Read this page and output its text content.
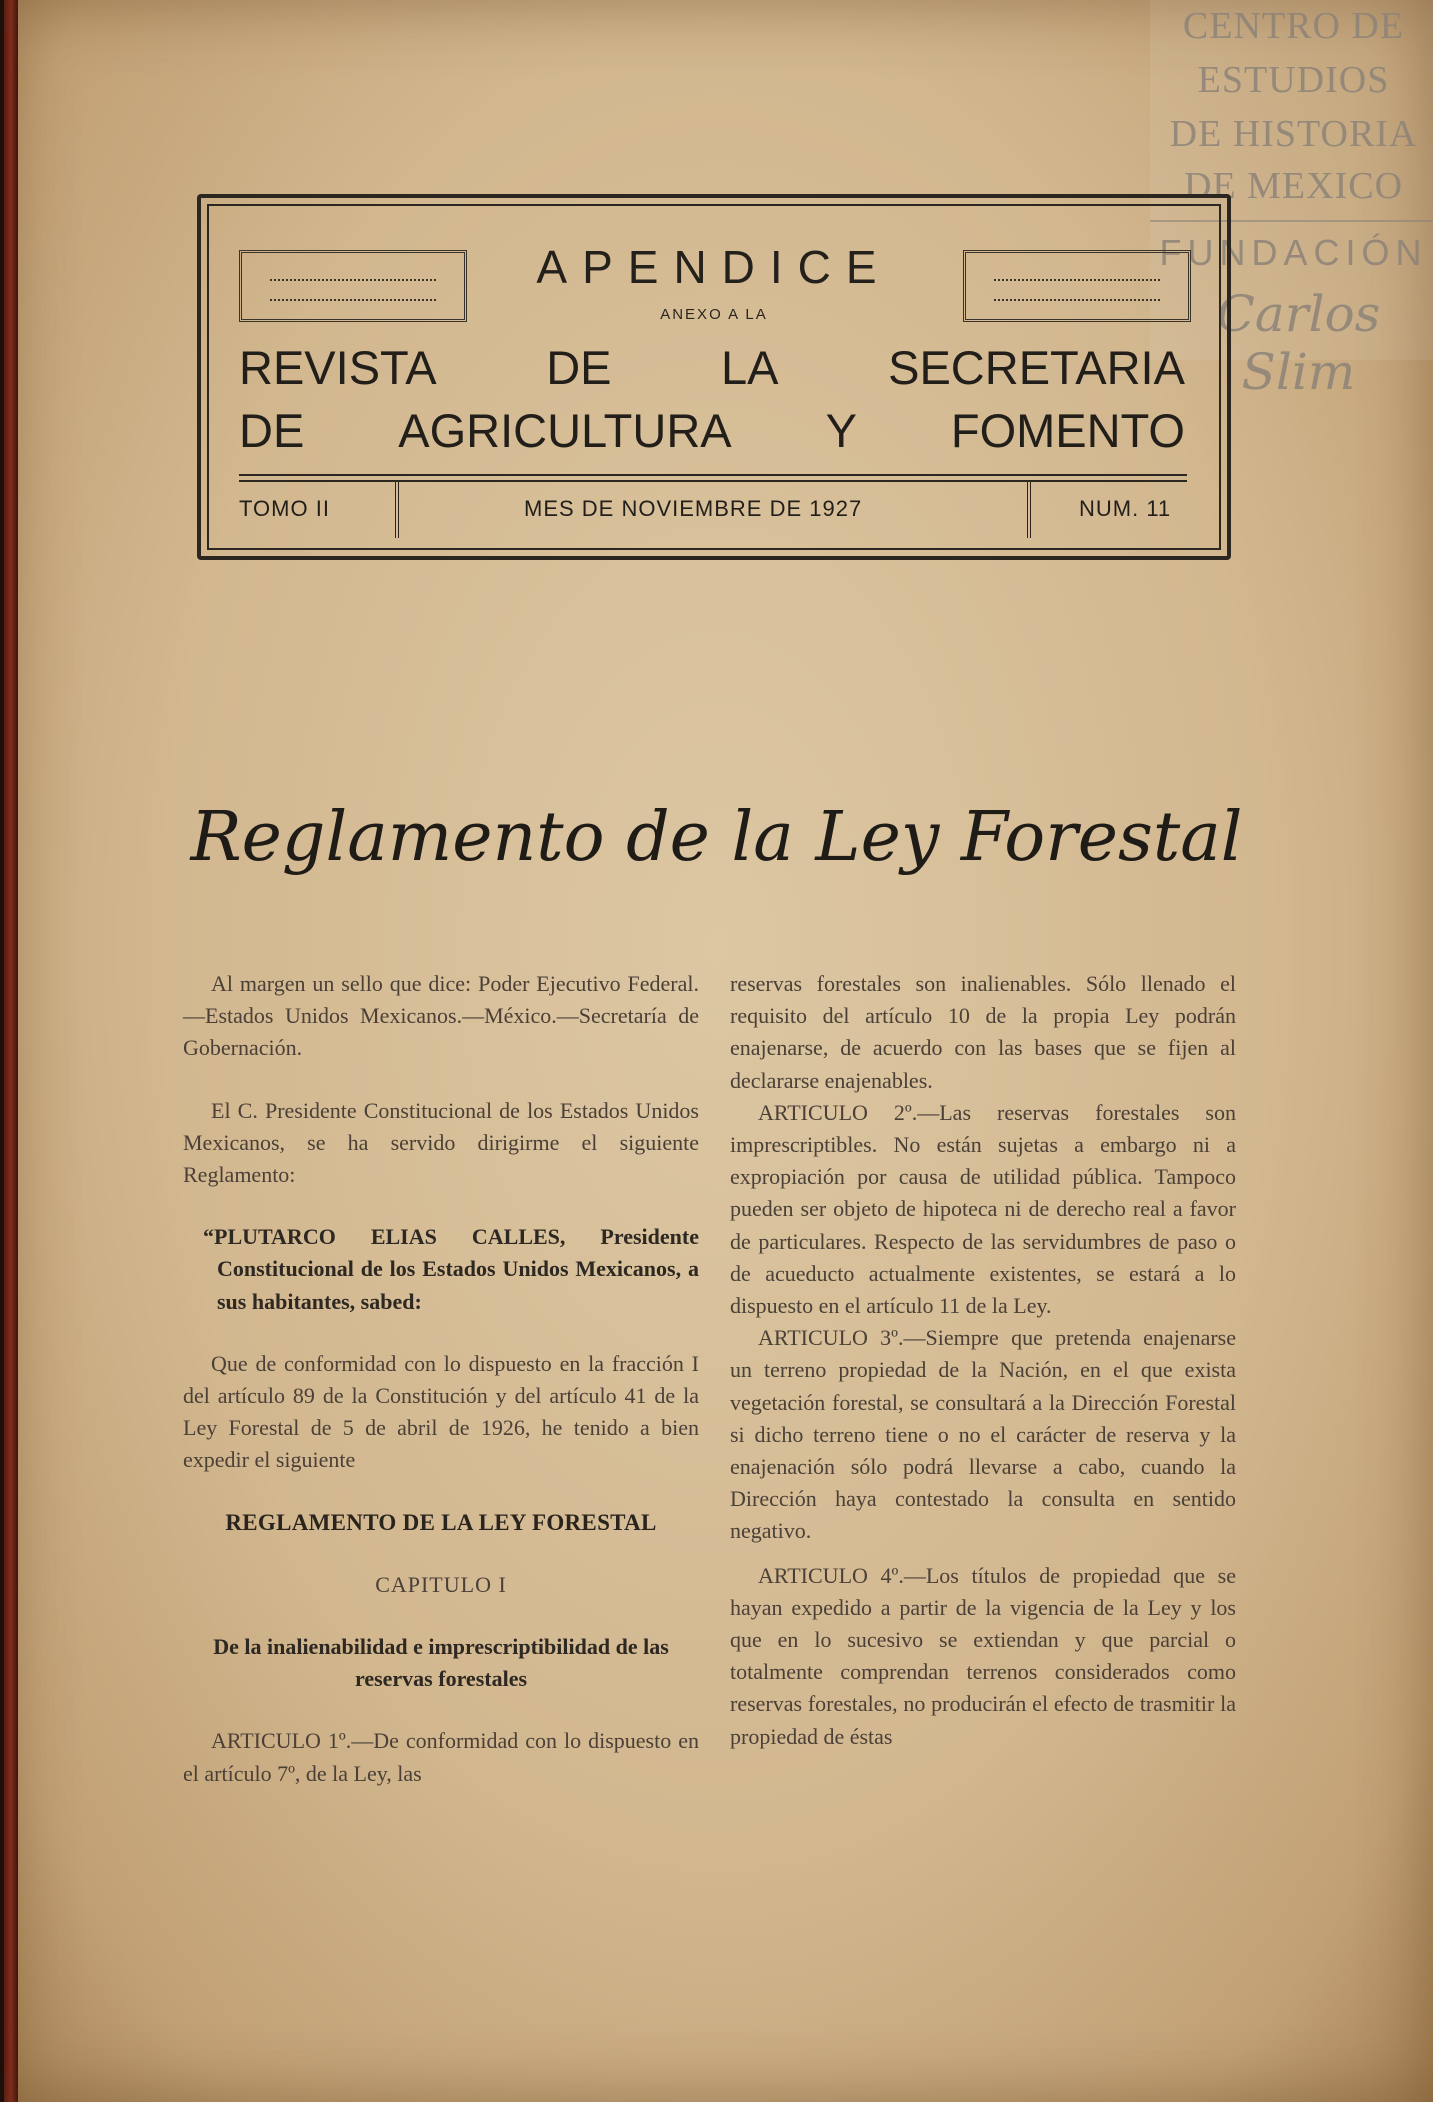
CENTRO DE
ESTUDIOS
DE HISTORIA
DE MEXICO
FUNDACIÓN
Carlos Slim
APENDICE
ANEXO A LA
REVISTA DE LA SECRETARIA
DE AGRICULTURA Y FOMENTO
TOMO II	MES DE NOVIEMBRE DE 1927	NUM. 11
Reglamento de la Ley Forestal

Al margen un sello que dice: Poder Ejecutivo Federal.—Estados Unidos Mexicanos.—México.—Secretaría de Gobernación.

El C. Presidente Constitucional de los Estados Unidos Mexicanos, se ha servido dirigirme el siguiente Reglamento:

“PLUTARCO ELIAS CALLES, Presidente Constitucional de los Estados Unidos Mexicanos, a sus habitantes, sabed:

Que de conformidad con lo dispuesto en la fracción I del artículo 89 de la Constitución y del artículo 41 de la Ley Forestal de 5 de abril de 1926, he tenido a bien expedir el siguiente

REGLAMENTO DE LA LEY FORESTAL

CAPITULO I

De la inalienabilidad e imprescriptibilidad de las reservas forestales

ARTICULO 1º.—De conformidad con lo dispuesto en el artículo 7º, de la Ley, las

reservas forestales son inalienables. Sólo llenado el requisito del artículo 10 de la propia Ley podrán enajenarse, de acuerdo con las bases que se fijen al declararse enajenables.

ARTICULO 2º.—Las reservas forestales son imprescriptibles. No están sujetas a embargo ni a expropiación por causa de utilidad pública. Tampoco pueden ser objeto de hipoteca ni de derecho real a favor de particulares. Respecto de las servidumbres de paso o de acueducto actualmente existentes, se estará a lo dispuesto en el artículo 11 de la Ley.

ARTICULO 3º.—Siempre que pretenda enajenarse un terreno propiedad de la Nación, en el que exista vegetación forestal, se consultará a la Dirección Forestal si dicho terreno tiene o no el carácter de reserva y la enajenación sólo podrá llevarse a cabo, cuando la Dirección haya contestado la consulta en sentido negativo.

ARTICULO 4º.—Los títulos de propiedad que se hayan expedido a partir de la vigencia de la Ley y los que en lo sucesivo se extiendan y que parcial o totalmente comprendan terrenos considerados como reservas forestales, no producirán el efecto de trasmitir la propiedad de éstas
